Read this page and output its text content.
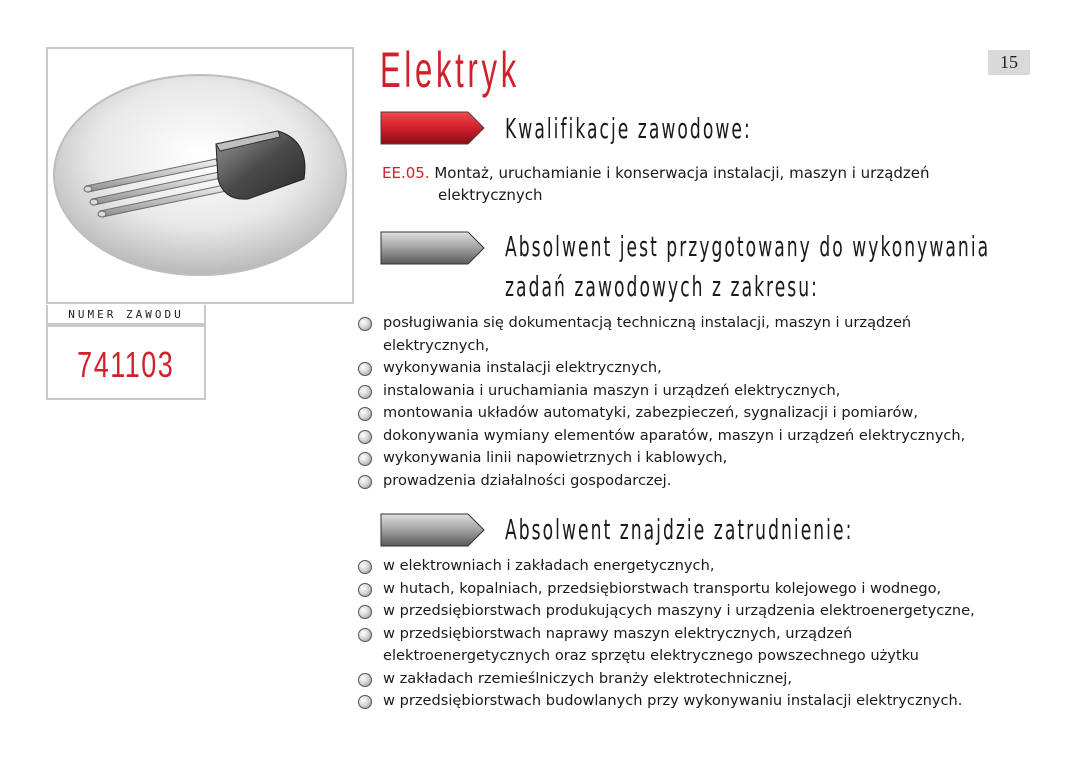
NUMER ZAWODU
741103
15
Elektryk
Kwalifikacje zawodowe:
EE.05. Montaż, uruchamianie i konserwacja instalacji, maszyn i urządzeń
elektrycznych
Absolwent jest przygotowany do wykonywania
zadań zawodowych z zakresu:
posługiwania się dokumentacją techniczną instalacji, maszyn i urządzeń
elektrycznych,
wykonywania instalacji elektrycznych,
instalowania i uruchamiania maszyn i urządzeń elektrycznych,
montowania układów automatyki, zabezpieczeń, sygnalizacji i pomiarów,
dokonywania wymiany elementów aparatów, maszyn i urządzeń elektrycznych,
wykonywania linii napowietrznych i kablowych,
prowadzenia działalności gospodarczej.
Absolwent znajdzie zatrudnienie:
w elektrowniach i zakładach energetycznych,
w hutach, kopalniach, przedsiębiorstwach transportu kolejowego i wodnego,
w przedsiębiorstwach produkujących maszyny i urządzenia elektroenergetyczne,
w przedsiębiorstwach naprawy maszyn elektrycznych, urządzeń
elektroenergetycznych oraz sprzętu elektrycznego powszechnego użytku
w zakładach rzemieślniczych branży elektrotechnicznej,
w przedsiębiorstwach budowlanych przy wykonywaniu instalacji elektrycznych.
